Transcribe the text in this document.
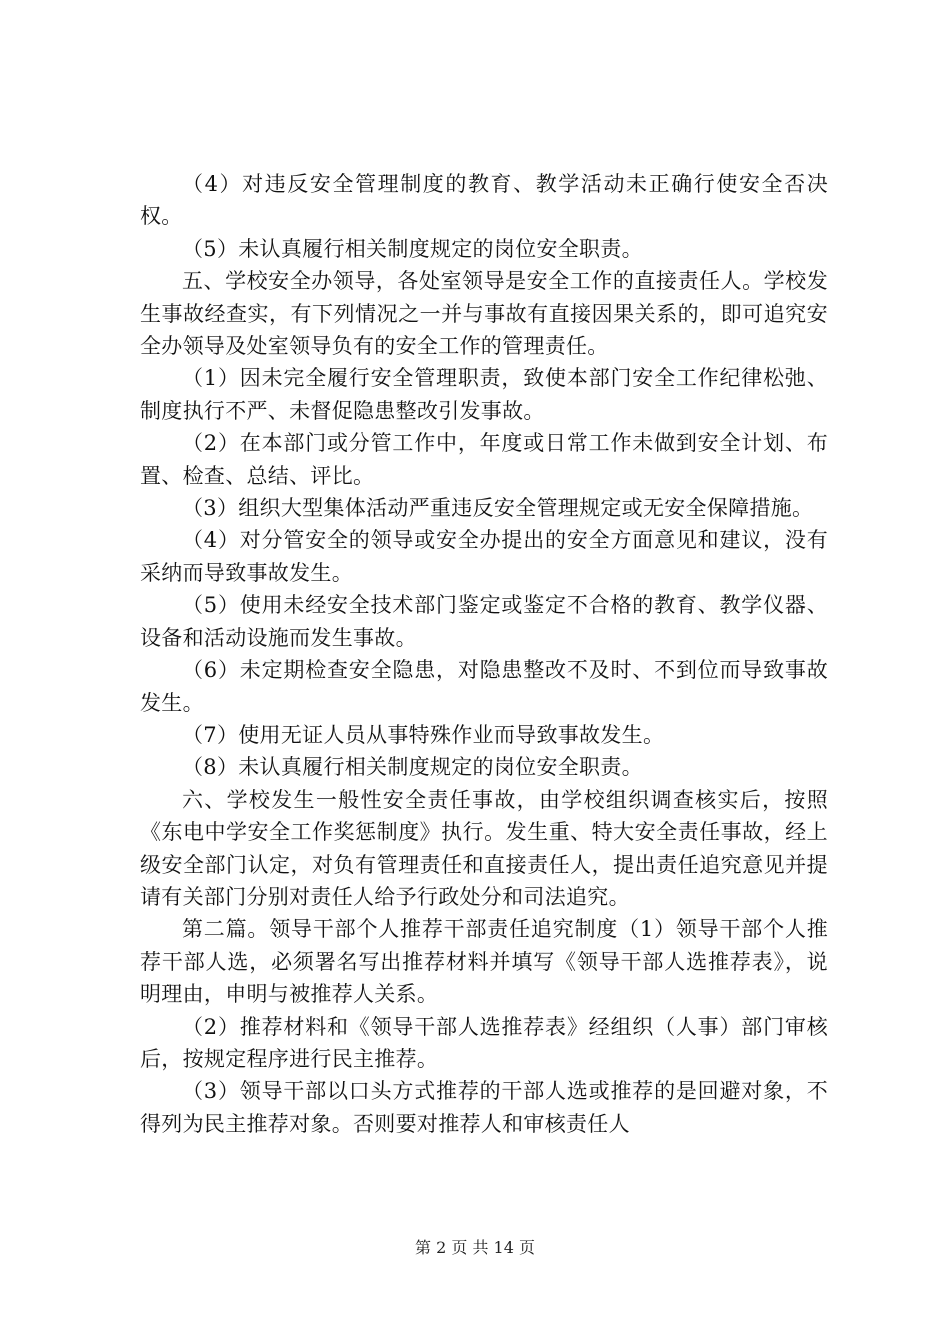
（4）对违反安全管理制度的教育、教学活动未正确行使安全否决权。

（5）未认真履行相关制度规定的岗位安全职责。

五、学校安全办领导，各处室领导是安全工作的直接责任人。学校发生事故经查实，有下列情况之一并与事故有直接因果关系的，即可追究安全办领导及处室领导负有的安全工作的管理责任。

（1）因未完全履行安全管理职责，致使本部门安全工作纪律松弛、制度执行不严、未督促隐患整改引发事故。

（2）在本部门或分管工作中，年度或日常工作未做到安全计划、布置、检查、总结、评比。

（3）组织大型集体活动严重违反安全管理规定或无安全保障措施。

（4）对分管安全的领导或安全办提出的安全方面意见和建议，没有采纳而导致事故发生。

（5）使用未经安全技术部门鉴定或鉴定不合格的教育、教学仪器、设备和活动设施而发生事故。

（6）未定期检查安全隐患，对隐患整改不及时、不到位而导致事故发生。

（7）使用无证人员从事特殊作业而导致事故发生。

（8）未认真履行相关制度规定的岗位安全职责。

六、学校发生一般性安全责任事故，由学校组织调查核实后，按照《东电中学安全工作奖惩制度》执行。发生重、特大安全责任事故，经上级安全部门认定，对负有管理责任和直接责任人，提出责任追究意见并提请有关部门分别对责任人给予行政处分和司法追究。

第二篇。领导干部个人推荐干部责任追究制度（1）领导干部个人推荐干部人选，必须署名写出推荐材料并填写《领导干部人选推荐表》，说明理由，申明与被推荐人关系。

（2）推荐材料和《领导干部人选推荐表》经组织（人事）部门审核后，按规定程序进行民主推荐。

（3）领导干部以口头方式推荐的干部人选或推荐的是回避对象，不得列为民主推荐对象。否则要对推荐人和审核责任人

第 2 页 共 14 页
